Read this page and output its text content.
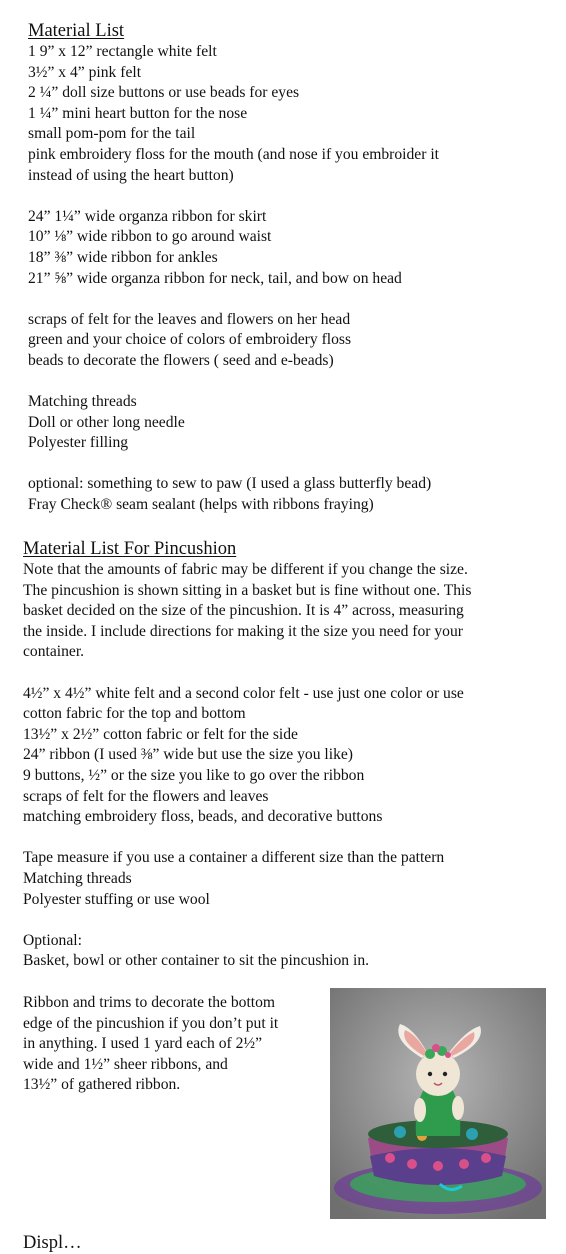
Material List
1 9” x 12” rectangle white felt
3½” x 4” pink felt
2 ¼” doll size buttons or use beads for eyes
1 ¼” mini heart button for the nose
small pom-pom for the tail
pink embroidery floss for the mouth (and nose if you embroider it
instead of using the heart button)
24” 1¼” wide organza ribbon for skirt
10” ⅛” wide ribbon to go around waist
18” ⅜” wide ribbon for ankles
21” ⅝” wide organza ribbon for neck, tail, and bow on head
scraps of felt for the leaves and flowers on her head
green and your choice of colors of embroidery floss
beads to decorate the flowers ( seed and e-beads)
Matching threads
Doll or other long needle
Polyester filling
optional: something to sew to paw (I used a glass butterfly bead)
Fray Check® seam sealant (helps with ribbons fraying)
Material List For Pincushion
Note that the amounts of fabric may be different if you change the size.
The pincushion is shown sitting in a basket but is fine without one. This
basket decided on the size of the pincushion. It is 4” across, measuring
the inside. I include directions for making it the size you need for your
container.
4½” x 4½” white felt and a second color felt - use just one color or use
cotton fabric for the top and bottom
13½” x 2½” cotton fabric or felt for the side
24” ribbon (I used ⅜” wide but use the size you like)
9 buttons, ½” or the size you like to go over the ribbon
scraps of felt for the flowers and leaves
matching embroidery floss, beads, and decorative buttons
Tape measure if you use a container a different size than the pattern
Matching threads
Polyester stuffing or use wool
Optional:
Basket, bowl or other container to sit the pincushion in.
Ribbon and trims to decorate the bottom
edge of the pincushion if you don’t put it
in anything. I used 1 yard each of 2½”
wide and 1½” sheer ribbons, and
13½” of gathered ribbon.
Displ…
